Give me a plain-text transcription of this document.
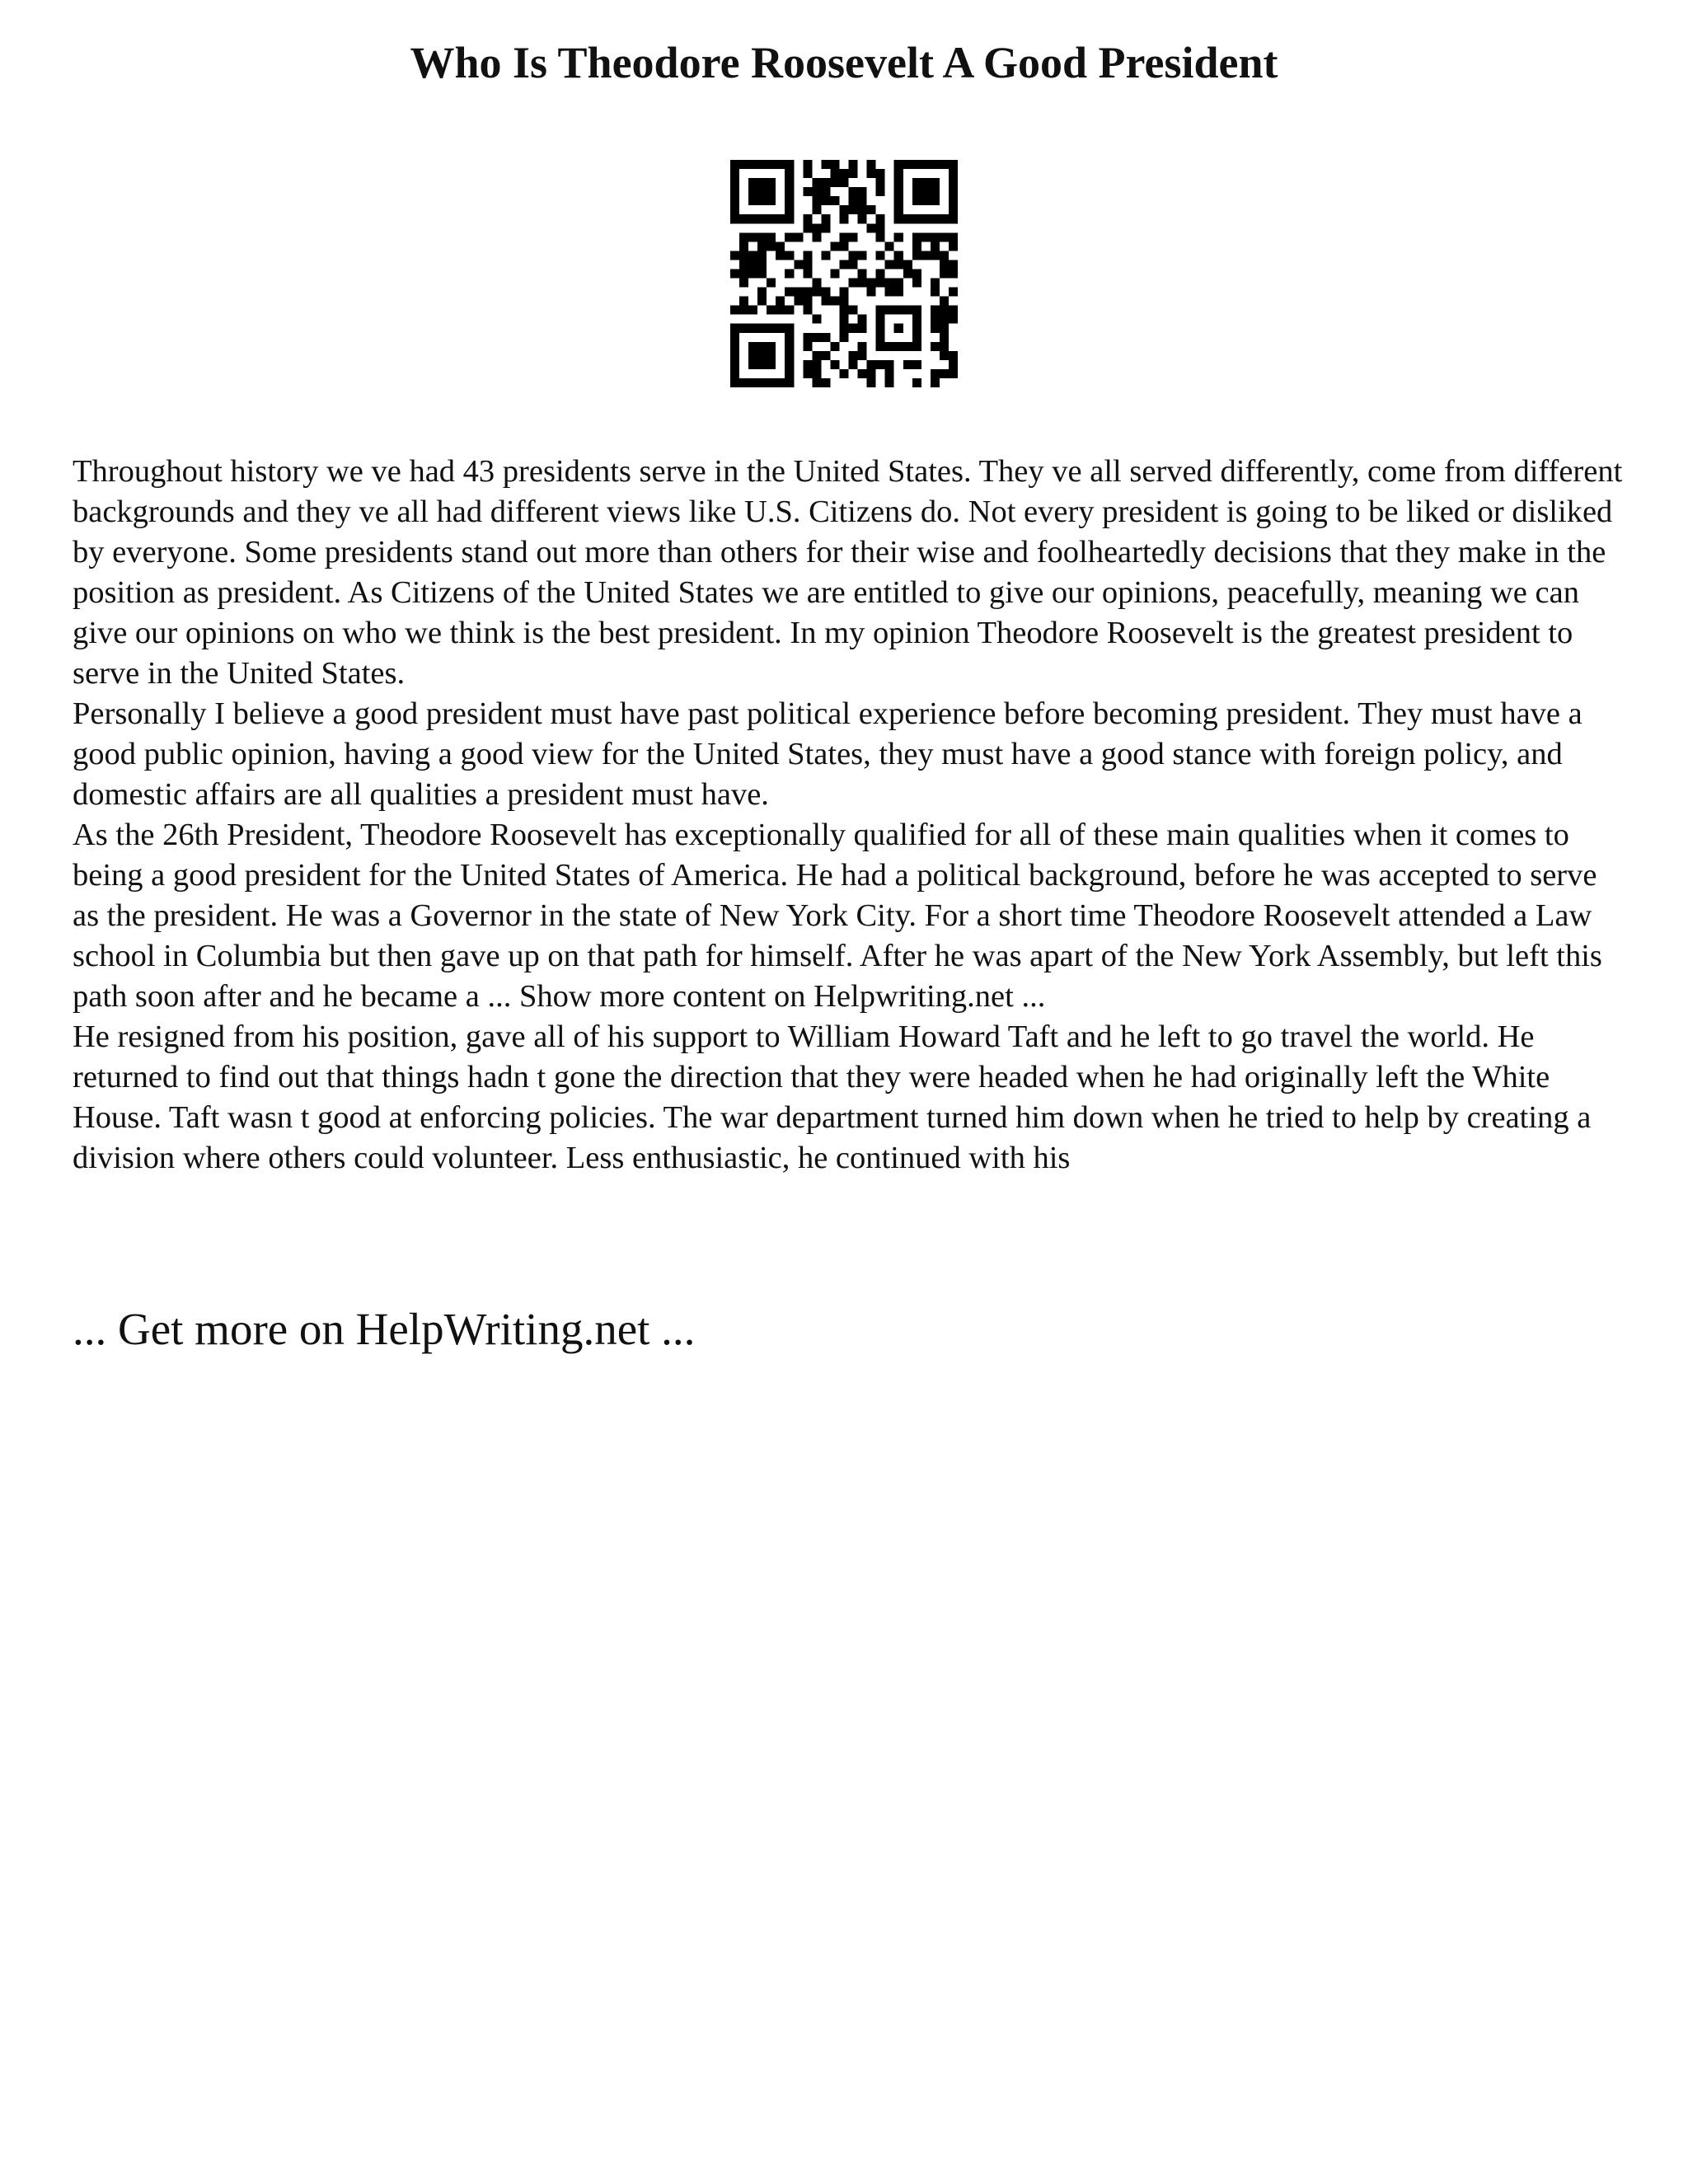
Who Is Theodore Roosevelt A Good President

Throughout history we ve had 43 presidents serve in the United States. They ve all served differently, come from different backgrounds and they ve all had different views like U.S. Citizens do. Not every president is going to be liked or disliked by everyone. Some presidents stand out more than others for their wise and foolheartedly decisions that they make in the position as president. As Citizens of the United States we are entitled to give our opinions, peacefully, meaning we can give our opinions on who we think is the best president. In my opinion Theodore Roosevelt is the greatest president to serve in the United States.

Personally I believe a good president must have past political experience before becoming president. They must have a good public opinion, having a good view for the United States, they must have a good stance with foreign policy, and domestic affairs are all qualities a president must have.

As the 26th President, Theodore Roosevelt has exceptionally qualified for all of these main qualities when it comes to being a good president for the United States of America. He had a political background, before he was accepted to serve as the president. He was a Governor in the state of New York City. For a short time Theodore Roosevelt attended a Law school in Columbia but then gave up on that path for himself. After he was apart of the New York Assembly, but left this path soon after and he became a ... Show more content on Helpwriting.net ...

He resigned from his position, gave all of his support to William Howard Taft and he left to go travel the world. He returned to find out that things hadn t gone the direction that they were headed when he had originally left the White House. Taft wasn t good at enforcing policies. The war department turned him down when he tried to help by creating a division where others could volunteer. Less enthusiastic, he continued with his

... Get more on HelpWriting.net ...
